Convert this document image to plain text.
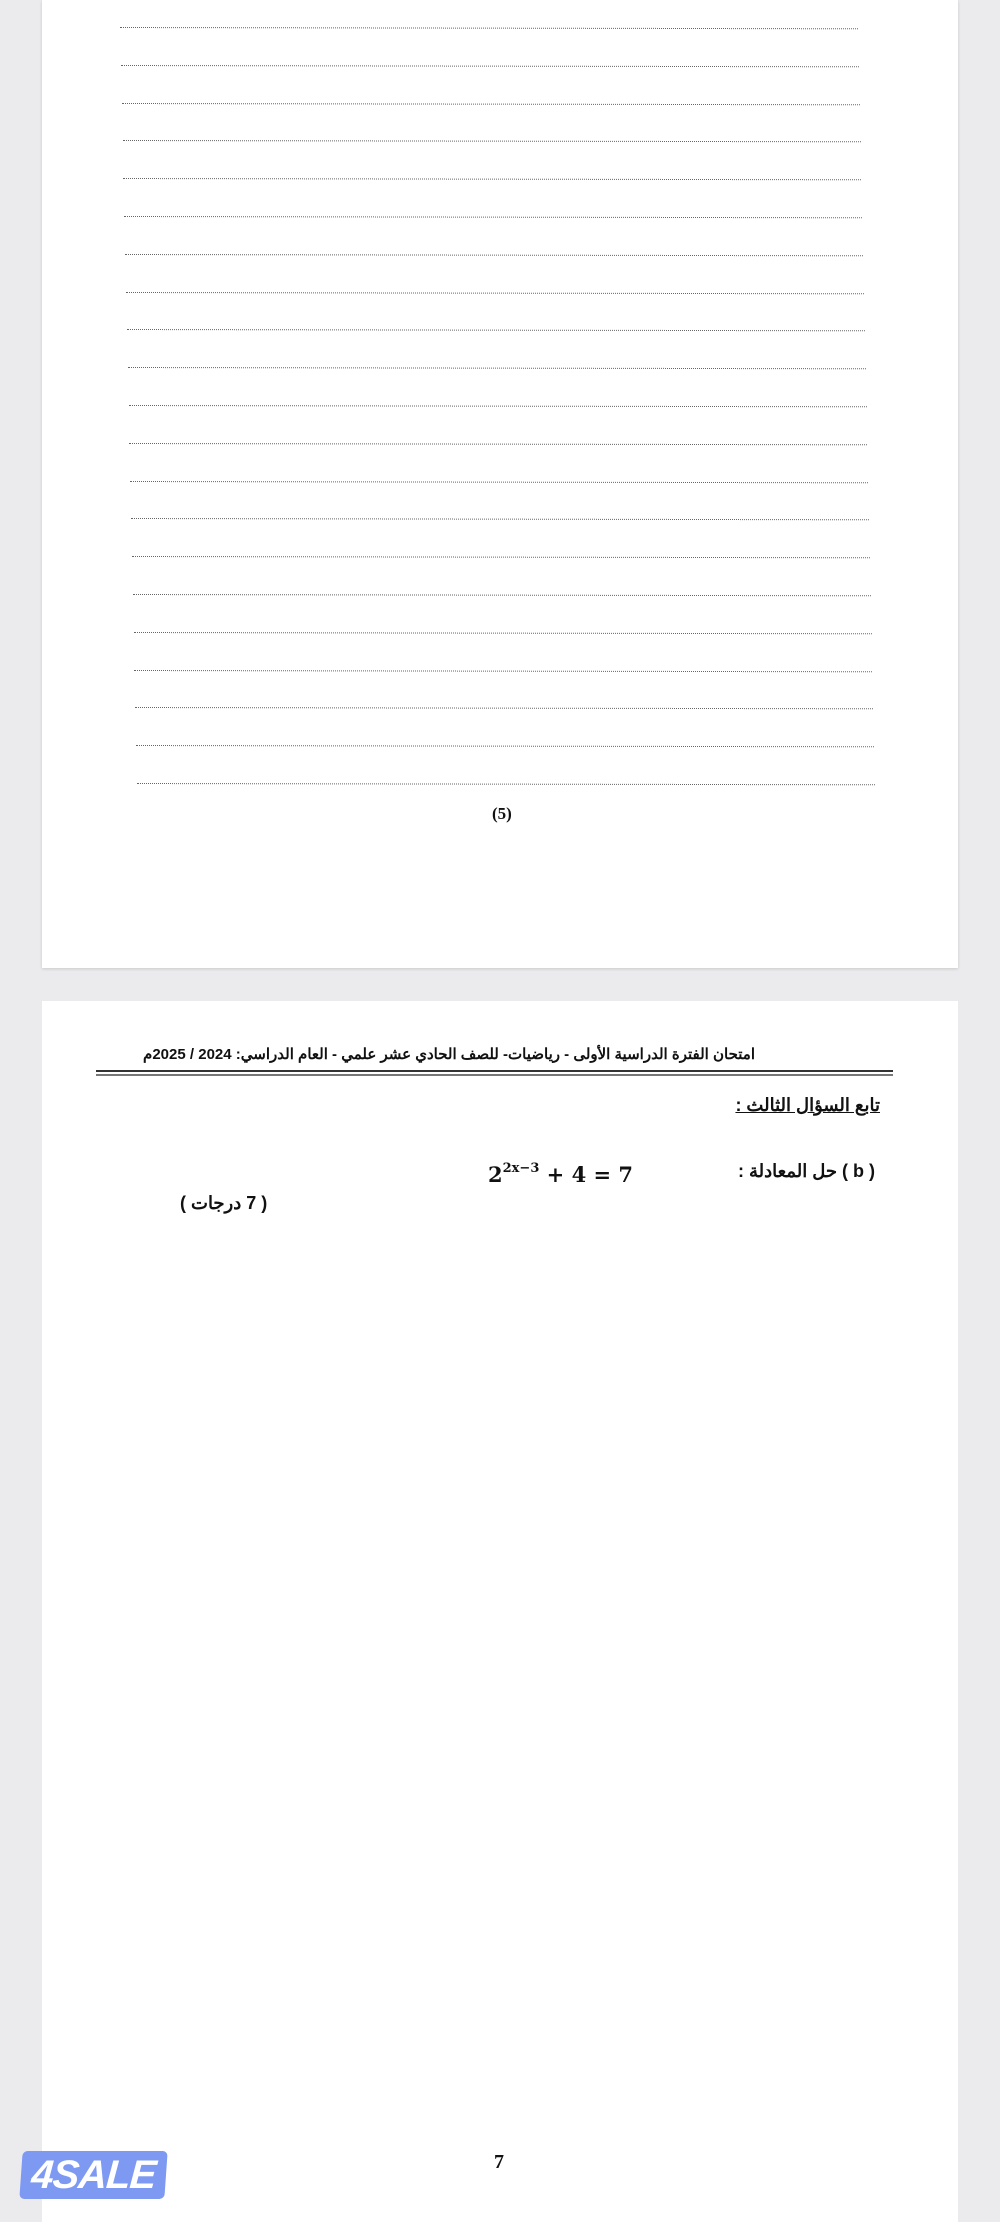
(5)
امتحان الفترة الدراسية الأولى - رياضيات- للصف الحادي عشر علمي - العام الدراسي: 2024 / 2025م
تابع السؤال الثالث :
( b ) حل المعادلة :
$2^{2x-3} + 4 = 7$
( 7 درجات )
7
4SALE
